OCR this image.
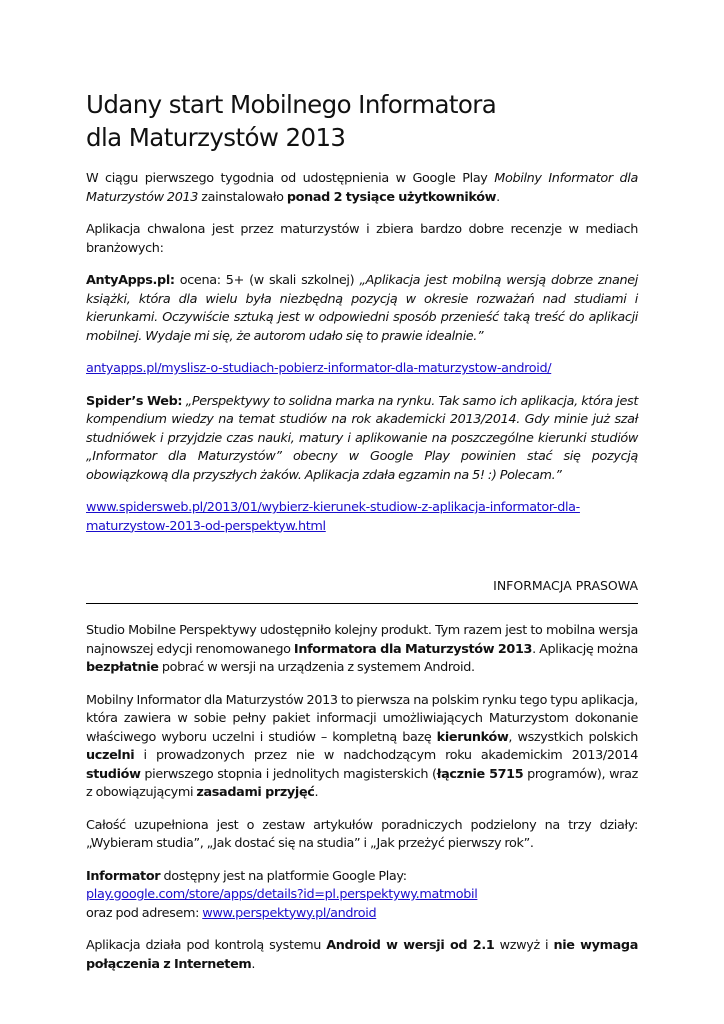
Udany start Mobilnego Informatora
dla Maturzystów 2013

W ciągu pierwszego tygodnia od udostępnienia w Google Play Mobilny Informator dla Maturzystów 2013 zainstalowało ponad 2 tysiące użytkowników.

Aplikacja chwalona jest przez maturzystów i zbiera bardzo dobre recenzje w mediach branżowych:

AntyApps.pl: ocena: 5+ (w skali szkolnej) „Aplikacja jest mobilną wersją dobrze znanej książki, która dla wielu była niezbędną pozycją w okresie rozważań nad studiami i kierunkami. Oczywiście sztuką jest w odpowiedni sposób przenieść taką treść do aplikacji mobilnej. Wydaje mi się, że autorom udało się to prawie idealnie.”

antyapps.pl/myslisz-o-studiach-pobierz-informator-dla-maturzystow-android/

Spider’s Web: „Perspektywy to solidna marka na rynku. Tak samo ich aplikacja, która jest kompendium wiedzy na temat studiów na rok akademicki 2013/2014. Gdy minie już szał studniówek i przyjdzie czas nauki, matury i aplikowanie na poszczególne kierunki studiów „Informator dla Maturzystów” obecny w Google Play powinien stać się pozycją obowiązkową dla przyszłych żaków. Aplikacja zdała egzamin na 5! :) Polecam.”

www.spidersweb.pl/2013/01/wybierz-kierunek-studiow-z-aplikacja-informator-dla-
maturzystow-2013-od-perspektyw.html

INFORMACJA PRASOWA

Studio Mobilne Perspektywy udostępniło kolejny produkt. Tym razem jest to mobilna wersja najnowszej edycji renomowanego Informatora dla Maturzystów 2013. Aplikację można bezpłatnie pobrać w wersji na urządzenia z systemem Android.

Mobilny Informator dla Maturzystów 2013 to pierwsza na polskim rynku tego typu aplikacja, która zawiera w sobie pełny pakiet informacji umożliwiających Maturzystom dokonanie właściwego wyboru uczelni i studiów – kompletną bazę kierunków, wszystkich polskich uczelni i prowadzonych przez nie w nadchodzącym roku akademickim 2013/2014 studiów pierwszego stopnia i jednolitych magisterskich (łącznie 5715 programów), wraz z obowiązującymi zasadami przyjęć.

Całość uzupełniona jest o zestaw artykułów poradniczych podzielony na trzy działy: „Wybieram studia”, „Jak dostać się na studia” i „Jak przeżyć pierwszy rok”.

Informator dostępny jest na platformie Google Play:
play.google.com/store/apps/details?id=pl.perspektywy.matmobil
oraz pod adresem: www.perspektywy.pl/android

Aplikacja działa pod kontrolą systemu Android w wersji od 2.1 wzwyż i nie wymaga połączenia z Internetem.
